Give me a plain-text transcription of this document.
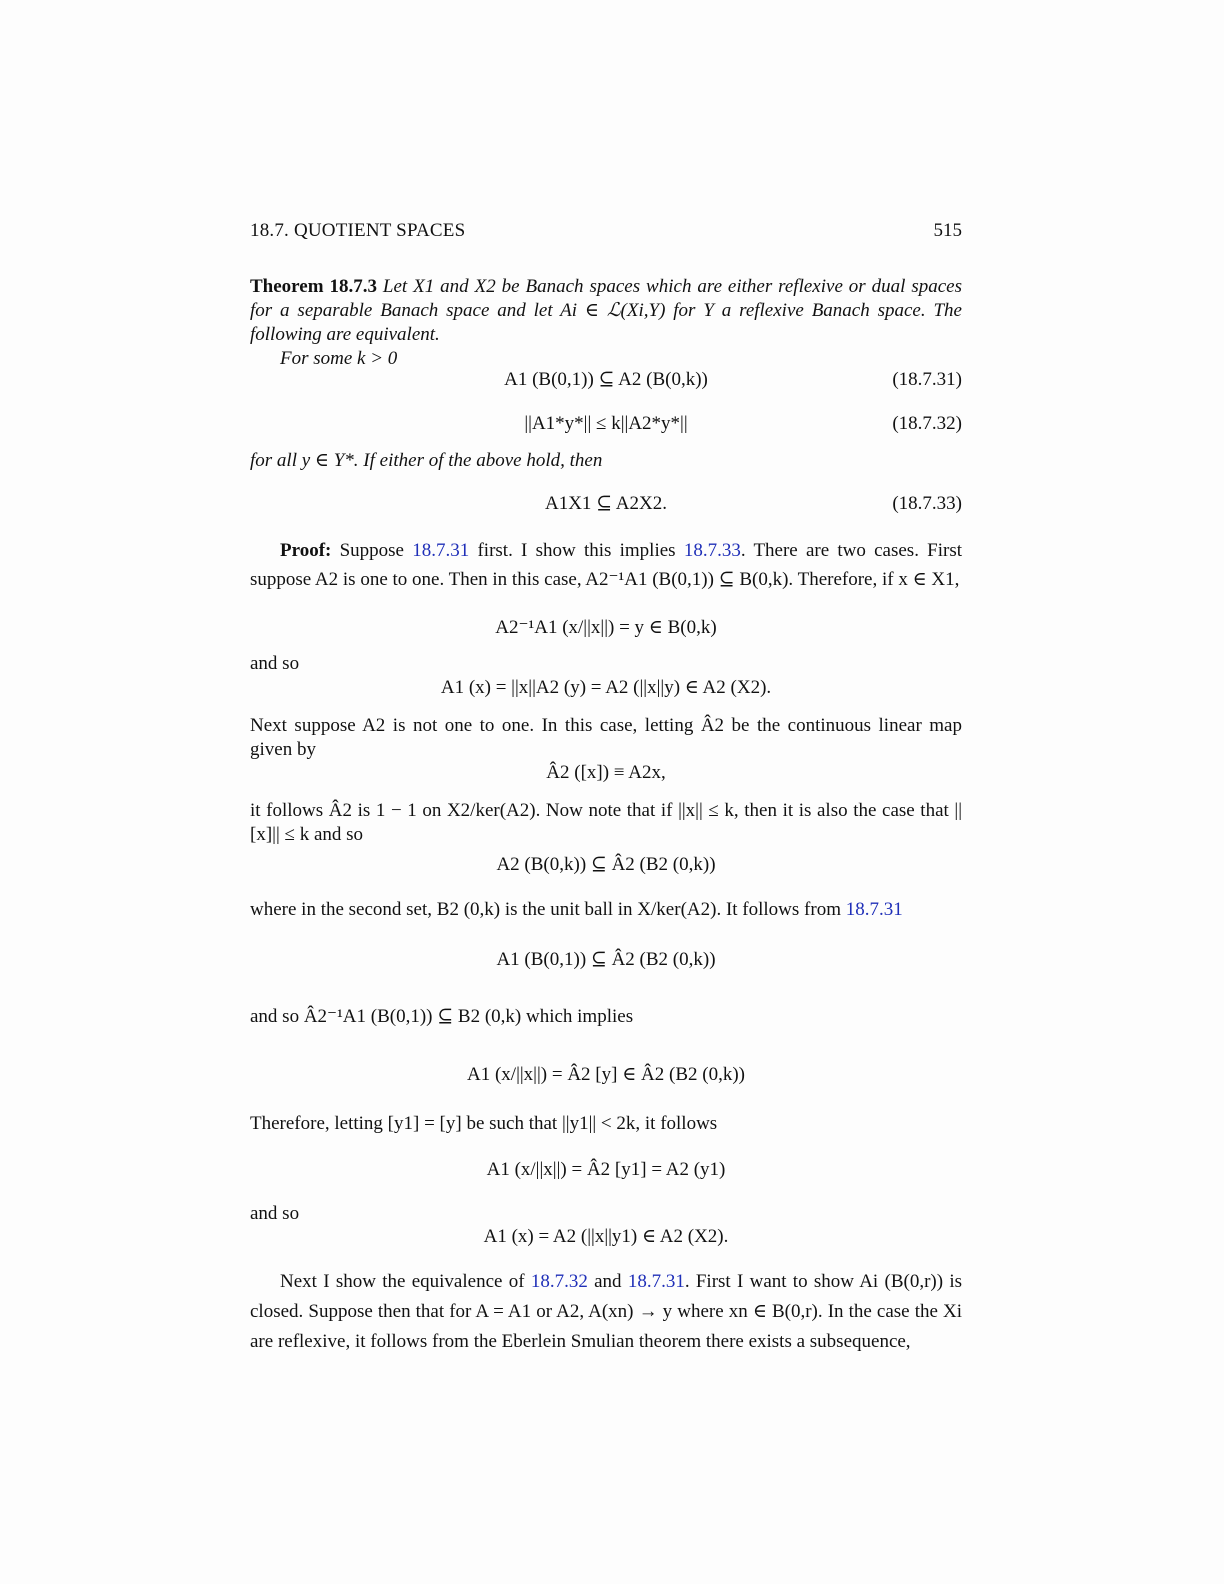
18.7. QUOTIENT SPACES	515
Theorem 18.7.3 Let X1 and X2 be Banach spaces which are either reflexive or dual spaces for a separable Banach space and let Ai ∈ ℒ(Xi,Y) for Y a reflexive Banach space. The following are equivalent.
For some k > 0
A1 (B(0,1)) ⊆ A2 (B(0,k))	(18.7.31)
||A1*y*|| ≤ k||A2*y*||	(18.7.32)
for all y ∈ Y*. If either of the above hold, then
A1X1 ⊆ A2X2.	(18.7.33)
Proof: Suppose 18.7.31 first. I show this implies 18.7.33. There are two cases. First suppose A2 is one to one. Then in this case, A2⁻¹A1 (B(0,1)) ⊆ B(0,k). Therefore, if x ∈ X1,
A2⁻¹A1 (x/||x||) = y ∈ B(0,k)
and so
A1 (x) = ||x||A2 (y) = A2 (||x||y) ∈ A2 (X2).
Next suppose A2 is not one to one. In this case, letting Â2 be the continuous linear map given by
Â2 ([x]) ≡ A2x,
it follows Â2 is 1 − 1 on X2/ker(A2). Now note that if ||x|| ≤ k, then it is also the case that ||[x]|| ≤ k and so
A2 (B(0,k)) ⊆ Â2 (B2 (0,k))
where in the second set, B2 (0,k) is the unit ball in X/ker(A2). It follows from 18.7.31
A1 (B(0,1)) ⊆ Â2 (B2 (0,k))
and so Â2⁻¹A1 (B(0,1)) ⊆ B2 (0,k) which implies
A1 (x/||x||) = Â2 [y] ∈ Â2 (B2 (0,k))
Therefore, letting [y1] = [y] be such that ||y1|| < 2k, it follows
A1 (x/||x||) = Â2 [y1] = A2 (y1)
and so
A1 (x) = A2 (||x||y1) ∈ A2 (X2).
Next I show the equivalence of 18.7.32 and 18.7.31. First I want to show Ai (B(0,r)) is closed. Suppose then that for A = A1 or A2, A(xn) → y where xn ∈ B(0,r). In the case the Xi are reflexive, it follows from the Eberlein Smulian theorem there exists a subsequence,
